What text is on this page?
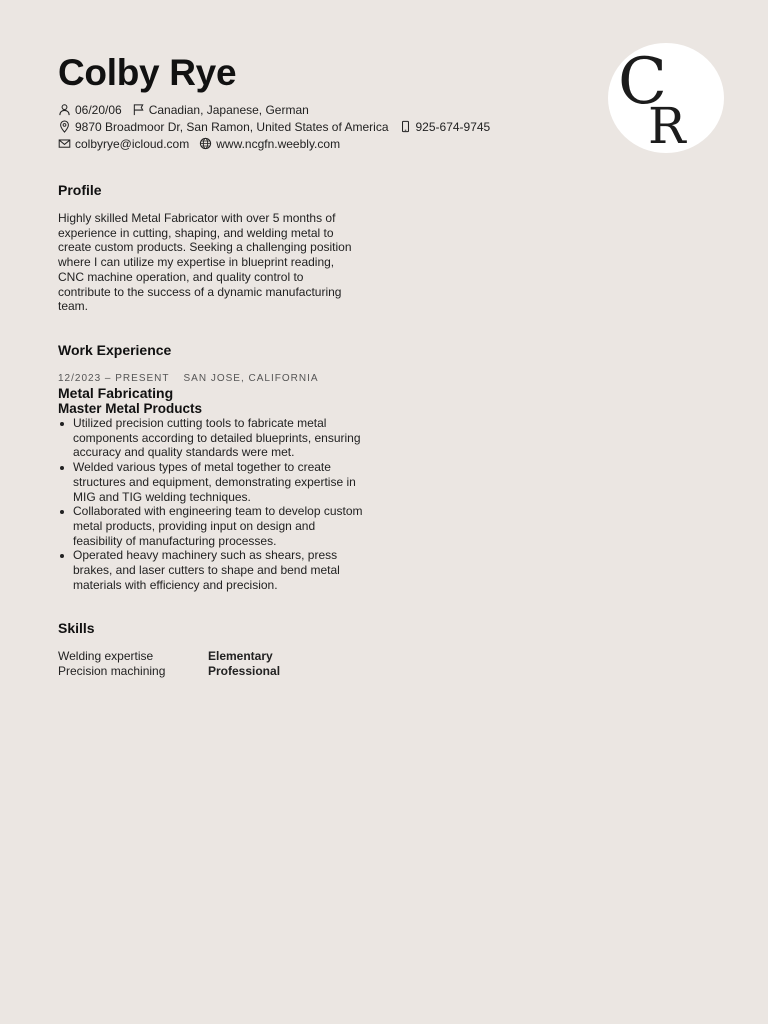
Colby Rye
06/20/06 Canadian, Japanese, German
9870 Broadmoor Dr, San Ramon, United States of America 925-674-9745
colbyrye@icloud.com www.ncgfn.weebly.com
Profile

Highly skilled Metal Fabricator with over 5 months of experience in cutting, shaping, and welding metal to create custom products. Seeking a challenging position where I can utilize my expertise in blueprint reading, CNC machine operation, and quality control to contribute to the success of a dynamic manufacturing team.

Work Experience
12/2023 – PRESENT SAN JOSE, CALIFORNIA
Metal Fabricating
Master Metal Products
Utilized precision cutting tools to fabricate metal components according to detailed blueprints, ensuring accuracy and quality standards were met.
Welded various types of metal together to create structures and equipment, demonstrating expertise in MIG and TIG welding techniques.
Collaborated with engineering team to develop custom metal products, providing input on design and feasibility of manufacturing processes.
Operated heavy machinery such as shears, press brakes, and laser cutters to shape and bend metal materials with efficiency and precision.
Skills
Welding expertise	Elementary
Precision machining	Professional
C
R
